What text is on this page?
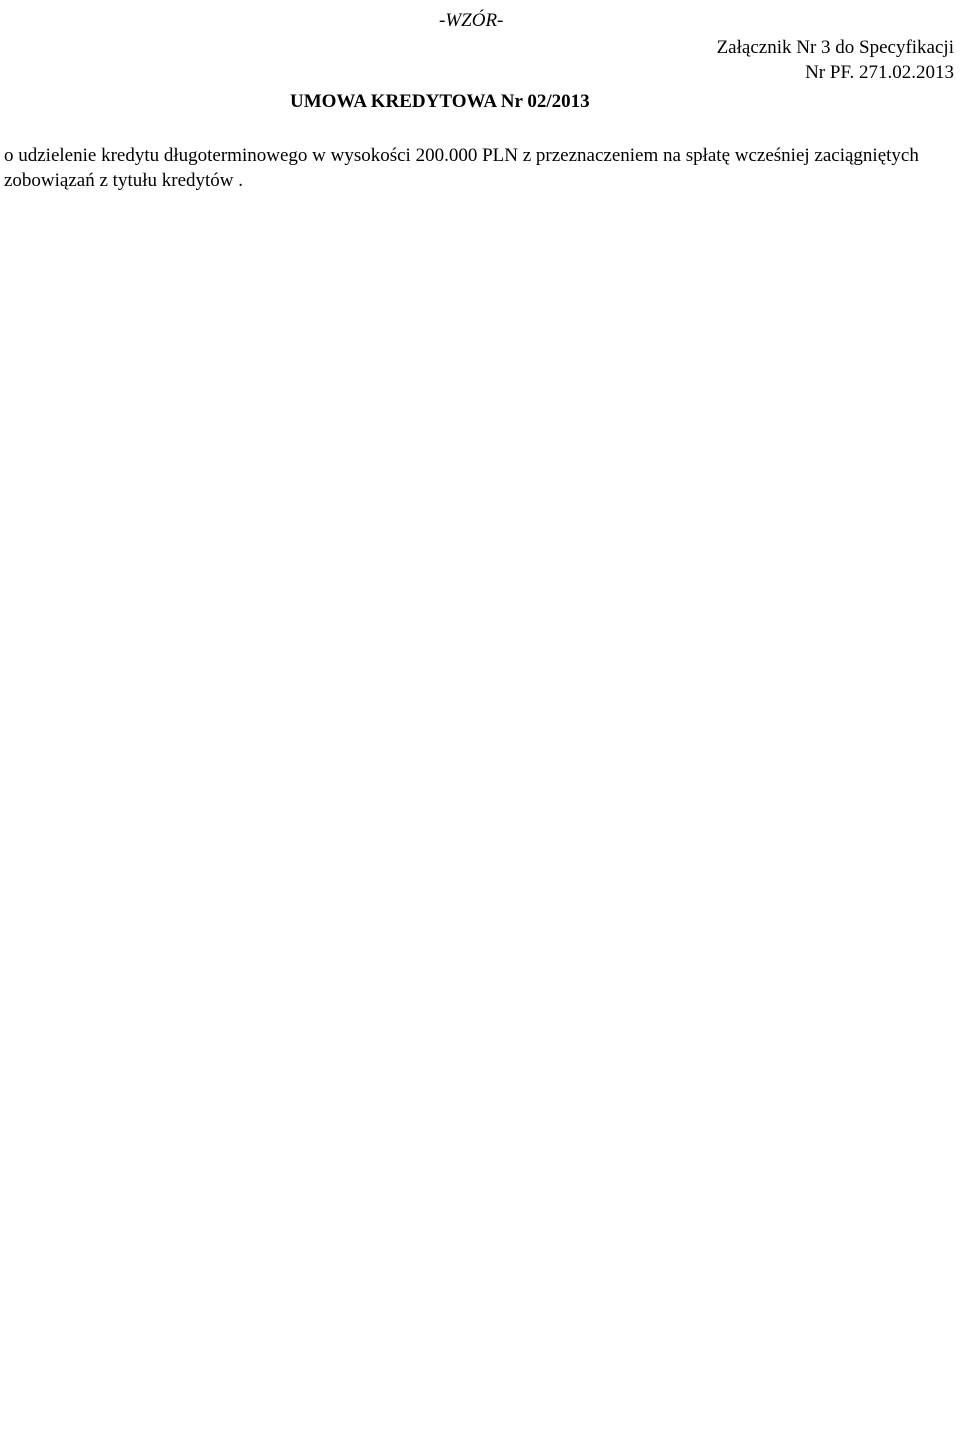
-WZÓR-
Załącznik Nr 3 do Specyfikacji
Nr PF. 271.02.2013
UMOWA KREDYTOWA Nr 02/2013
o udzielenie kredytu długoterminowego w wysokości 200.000 PLN z przeznaczeniem na spłatę wcześniej zaciągniętych zobowiązań z tytułu kredytów .
